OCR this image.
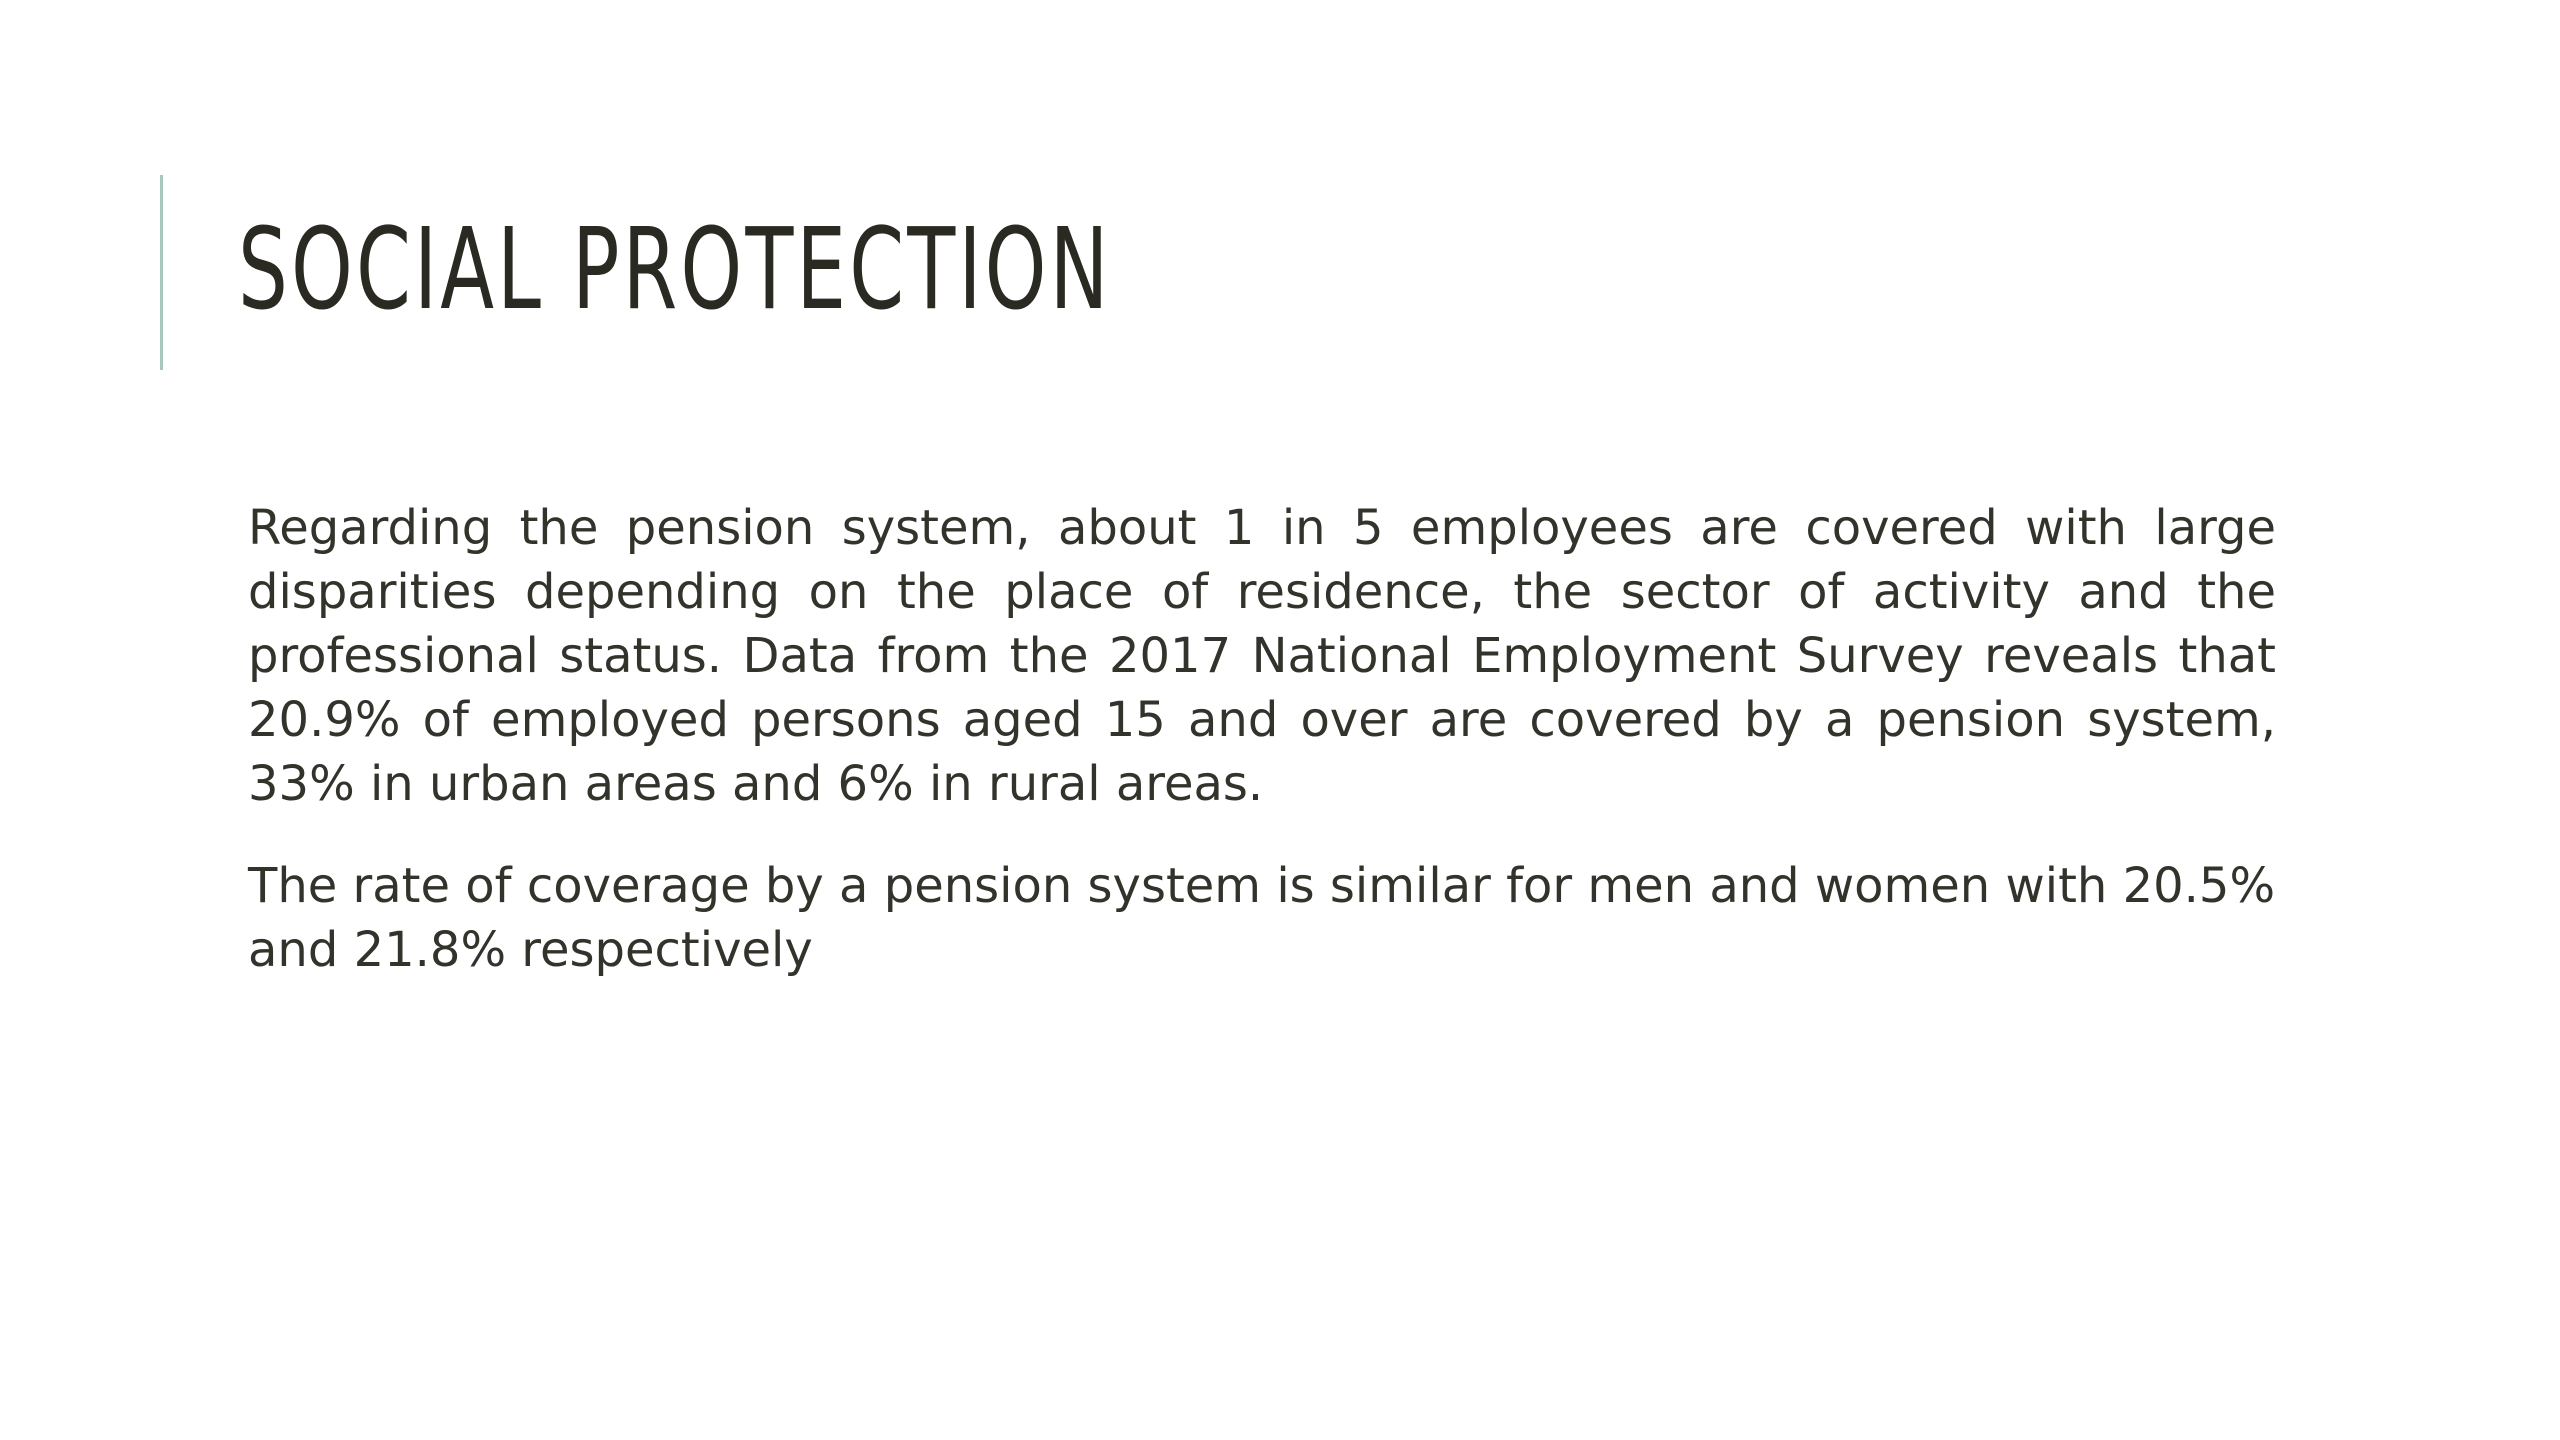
SOCIAL PROTECTION

Regarding the pension system, about 1 in 5 employees are covered with large disparities depending on the place of residence, the sector of activity and the professional status. Data from the 2017 National Employment Survey reveals that 20.9% of employed persons aged 15 and over are covered by a pension system, 33% in urban areas and 6% in rural areas.

The rate of coverage by a pension system is similar for men and women with 20.5% and 21.8% respectively
